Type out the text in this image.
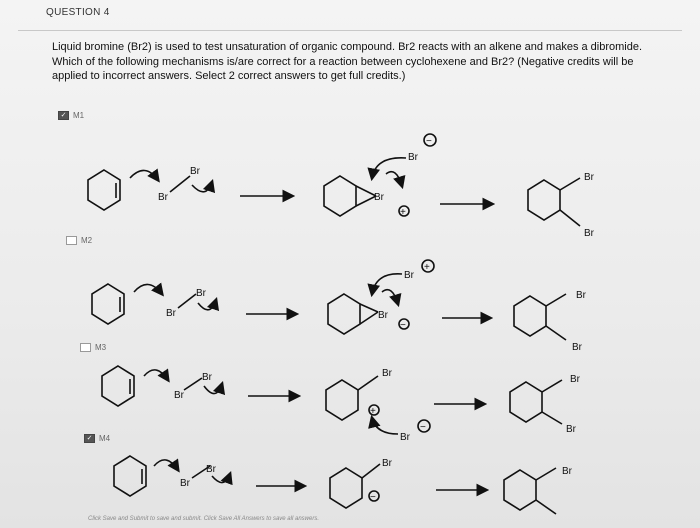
QUESTION 4
Liquid bromine (Br2) is used to test unsaturation of organic compound. Br2 reacts with an alkene and makes a dibromide. Which of the following mechanisms is/are correct for a reaction between cyclohexene and Br2? (Negative credits will be applied to incorrect answers. Select 2 correct answers to get full credits.)
✓
M1
M2
M3
✓
M4
Br
Br
Br
+
Br
−
Br
Br
Br
Br
Br
−
Br
+
Br
Br
Br
Br	Br
+
Br
−
Br
Br
Br
Br
Br
−
Br
Click Save and Submit to save and submit. Click Save All Answers to save all answers.
